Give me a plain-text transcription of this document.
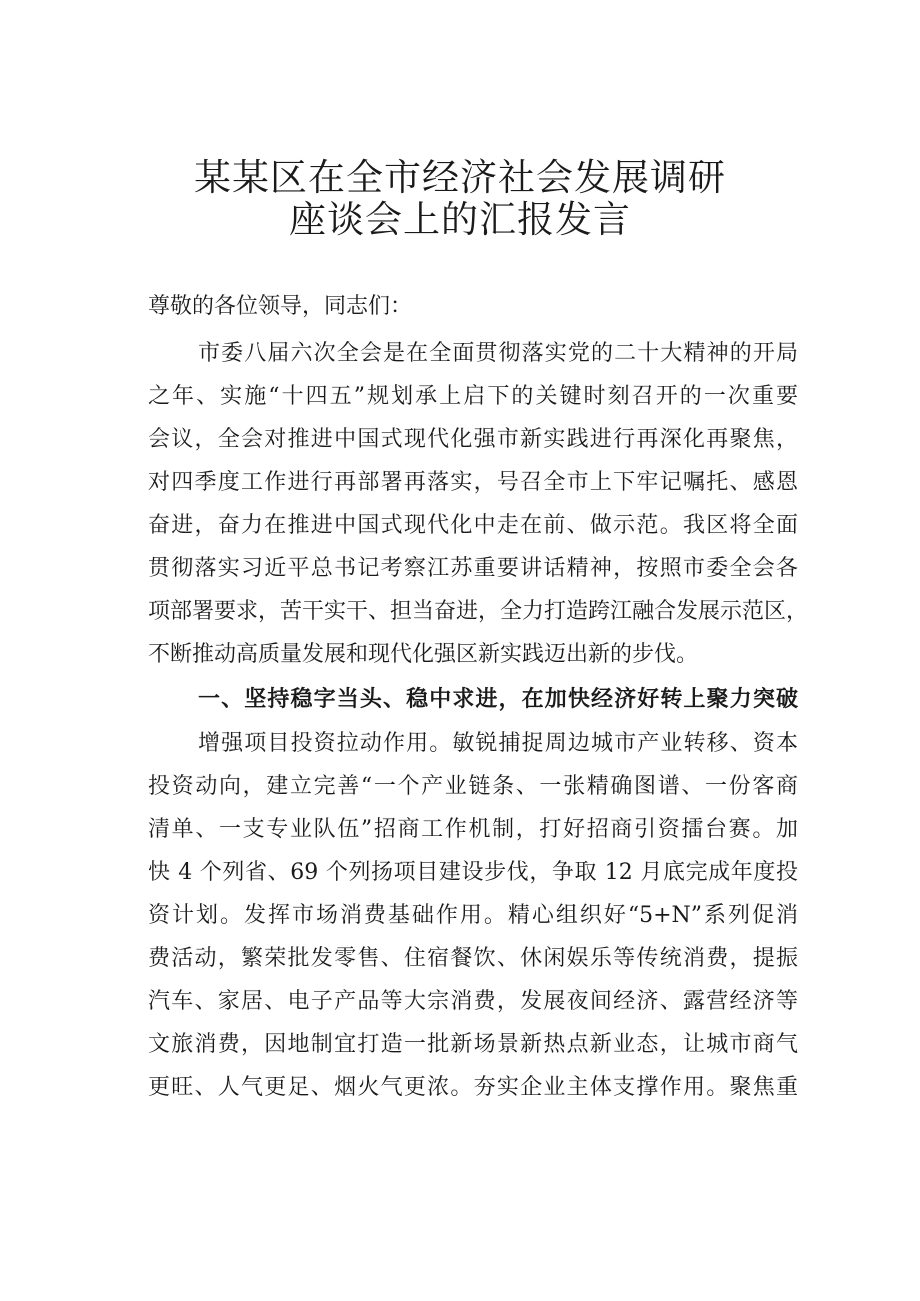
某某区在全市经济社会发展调研
座谈会上的汇报发言
尊敬的各位领导，同志们：
市委八届六次全会是在全面贯彻落实党的二十大精神的开局
之年、实施“十四五”规划承上启下的关键时刻召开的一次重要
会议，全会对推进中国式现代化强市新实践进行再深化再聚焦，
对四季度工作进行再部署再落实，号召全市上下牢记嘱托、感恩
奋进，奋力在推进中国式现代化中走在前、做示范。我区将全面
贯彻落实习近平总书记考察江苏重要讲话精神，按照市委全会各
项部署要求，苦干实干、担当奋进，全力打造跨江融合发展示范区，
不断推动高质量发展和现代化强区新实践迈出新的步伐。
一、坚持稳字当头、稳中求进，在加快经济好转上聚力突破
增强项目投资拉动作用。敏锐捕捉周边城市产业转移、资本
投资动向，建立完善“一个产业链条、一张精确图谱、一份客商
清单、一支专业队伍”招商工作机制，打好招商引资擂台赛。加
快 4 个列省、69 个列扬项目建设步伐，争取 12 月底完成年度投
资计划。发挥市场消费基础作用。精心组织好“5+N”系列促消
费活动，繁荣批发零售、住宿餐饮、休闲娱乐等传统消费，提振
汽车、家居、电子产品等大宗消费，发展夜间经济、露营经济等
文旅消费，因地制宜打造一批新场景新热点新业态，让城市商气
更旺、人气更足、烟火气更浓。夯实企业主体支撑作用。聚焦重
